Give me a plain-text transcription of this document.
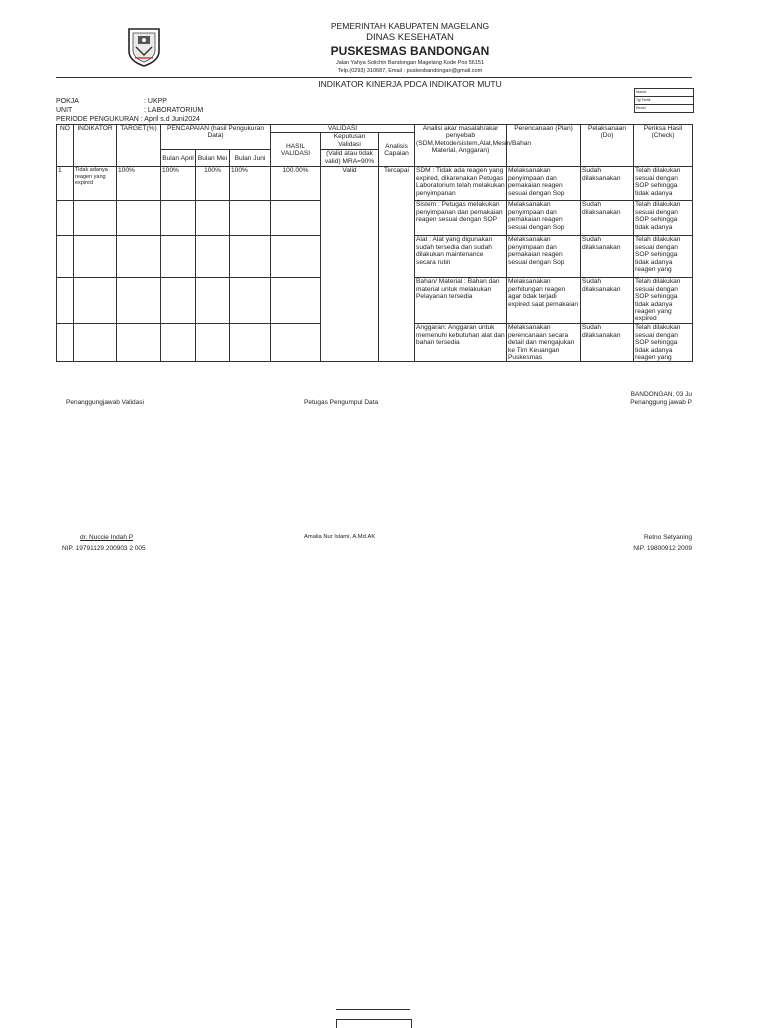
PEMERINTAH KABUPATEN MAGELANG
DINAS KESEHATAN
PUSKESMAS BANDONGAN
Jalan Yahya Solichin Bandongan Magelang Kode Pos 56151
Telp.(0293) 310687, Email : puskesbandongan@gmail.com
INDIKATOR KINERJA PDCA INDIKATOR MUTU
Nomor
Tgl Terbit
Revisi
POKJA	: UKPP
UNIT	: LABORATORIUM
PERIODE PENGUKURAN : April s.d Juni2024
NO	INDIKATOR	TARGET(%)	PENCAPAIAN (hasil Pengukuran Data)			VALIDASI			Analisi akar masalah/akar penyebab (SDM,Metode/sistem,Alat,Mesin/Bahan Material, Anggaran)	Perencanaan (Plan)	Pelaksanaan (Do)	Periksa Hasil (Check)
						HASIL VALIDASI	Keputusan Validasi	Analisis Capaian				
			Bulan April	Bulan Mei	Bulan Juni		(Valid atau tidak valid) MRA=90%					
1	Tidak adanya reagen yang expired	100%	100%	100%	100%	100.00%	Valid	Tercapai	SDM : Tidak ada reagen yang expired, dikarenakan Petugas Laboratorium telah melakukan penyimpanan	Melaksanakan penyimpaan dan pemakaian reagen sesuai dengan Sop	Sudah dilaksanakan	Telah dilakukan sesuai dengan SOP sehingga tidak adanya
									Sistem : Petugas melakukan penyimpanan dan pemakaian reagen sesuai dengan SOP	Melaksanakan penyimpaan dan pemakaian reagen sesuai dengan Sop	Sudah dilaksanakan	Telah dilakukan sesuai dengan SOP sehingga tidak adanya
									Alat : Alat yang digunakan sudah tersedia dan sudah dilakukan maintenance secara rutin	Melaksanakan penyimpaan dan pemakaian reagen sesuai dengan Sop	Sudah dilaksanakan	Telah dilakukan sesuai dengan SOP sehingga tidak adanya reagen yang
									Bahan/ Material : Bahan dan material untuk melakukan Pelayanan tersedia	Melaksanakan perhitungan reagen agar tidak terjadi expired saat pemakaian	Sudah dilaksanakan	Telah dilakukan sesuai dengan SOP sehingga tidak adanya reagen yang expired
									Anggaran: Anggaran untuk memenuhi kebutuhan alat dan bahan tersedia	Melaksanakan perencanaan secara detail dan mengajukan ke Tim Keuangan Puskesmas	Sudah dilaksanakan	Telah dilakukan sesuai dengan SOP sehingga tidak adanya reagen yang
BANDONGAN, 03 Ju
Penanggung jawab P
Penanggungjawab Validasi	Petugas Pengumpul Data
dr. Nuccie Indah P
NIP. 19791129 200903 2 005
Amalia Nur Islami, A.Md.AK	Retno Setyaning
NIP. 19800912 2009
